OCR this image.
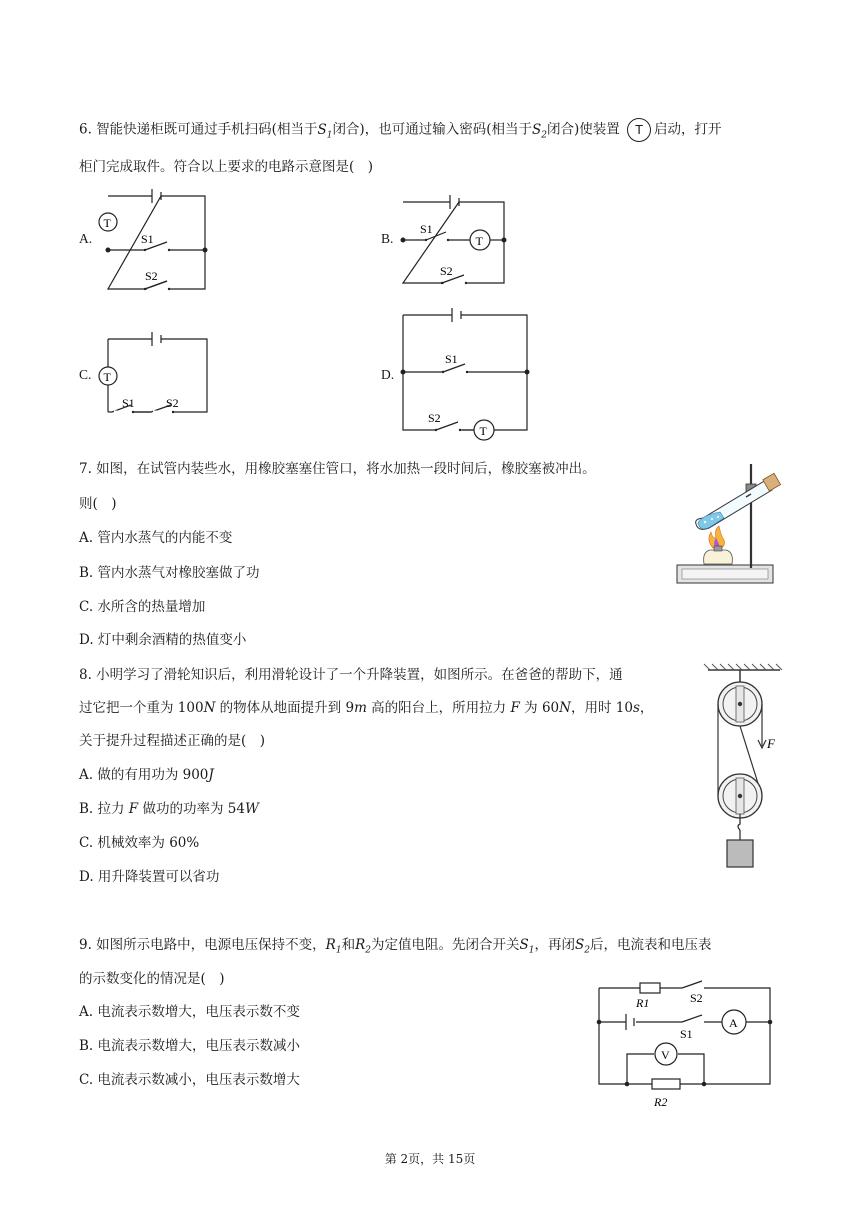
6. 智能快递柜既可通过手机扫码(相当于$S_1$闭合)，也可通过输入密码(相当于$S_2$闭合)使装置 T 启动，打开
柜门完成取件。符合以上要求的电路示意图是(　)
A.	B.
C.	D.
T
S1
S2
T
S1
S2
T
S1	S2
T
S1
S2
7. 如图，在试管内装些水，用橡胶塞塞住管口，将水加热一段时间后，橡胶塞被冲出。
则(　)
A. 管内水蒸气的内能不变
B. 管内水蒸气对橡胶塞做了功
C. 水所含的热量增加
D. 灯中剩余酒精的热值变小
8. 小明学习了滑轮知识后，利用滑轮设计了一个升降装置，如图所示。在爸爸的帮助下，通
过它把一个重为 100N 的物体从地面提升到 9m 高的阳台上，所用拉力 F 为 60N，用时 10s，
关于提升过程描述正确的是(　)
A. 做的有用功为 900J
B. 拉力 F 做功的功率为 54W
C. 机械效率为 60%
D. 用升降装置可以省功
F
9. 如图所示电路中，电源电压保持不变，$R_1$和$R_2$为定值电阻。先闭合开关$S_1$，再闭$S_2$后，电流表和电压表
的示数变化的情况是(　)
A. 电流表示数增大，电压表示数不变
B. 电流表示数增大，电压表示数减小
C. 电流表示数减小，电压表示数增大
A
V
R1
R2
S2
S1
第 2页，共 15页
